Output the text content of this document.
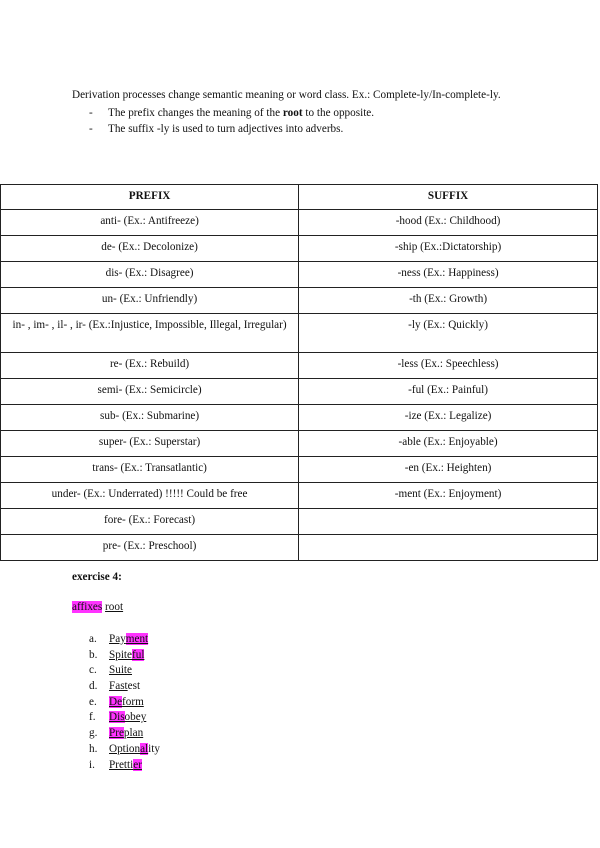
Derivation processes change semantic meaning or word class. Ex.: Complete-ly/In-complete-ly.

- The prefix changes the meaning of the root to the opposite.
- The suffix -ly is used to turn adjectives into adverbs.
PREFIX	SUFFIX
anti- (Ex.: Antifreeze)	-hood (Ex.: Childhood)
de- (Ex.: Decolonize)	-ship (Ex.:Dictatorship)
dis- (Ex.: Disagree)	-ness (Ex.: Happiness)
un- (Ex.: Unfriendly)	-th (Ex.: Growth)
in- , im- , il- , ir- (Ex.:Injustice, Impossible, Illegal, Irregular)	-ly (Ex.: Quickly)
re- (Ex.: Rebuild)	-less (Ex.: Speechless)
semi- (Ex.: Semicircle)	-ful (Ex.: Painful)
sub- (Ex.: Submarine)	-ize (Ex.: Legalize)
super- (Ex.: Superstar)	-able (Ex.: Enjoyable)
trans- (Ex.: Transatlantic)	-en (Ex.: Heighten)
under- (Ex.: Underrated) !!!!! Could be free	-ment (Ex.: Enjoyment)
fore- (Ex.: Forecast)	
pre- (Ex.: Preschool)	

exercise 4:

affixes root
a. Payment
b. Spiteful
c. Suite
d. Fastest
e. Deform
f. Disobey
g. Preplan
h. Optionality
i. Prettier
